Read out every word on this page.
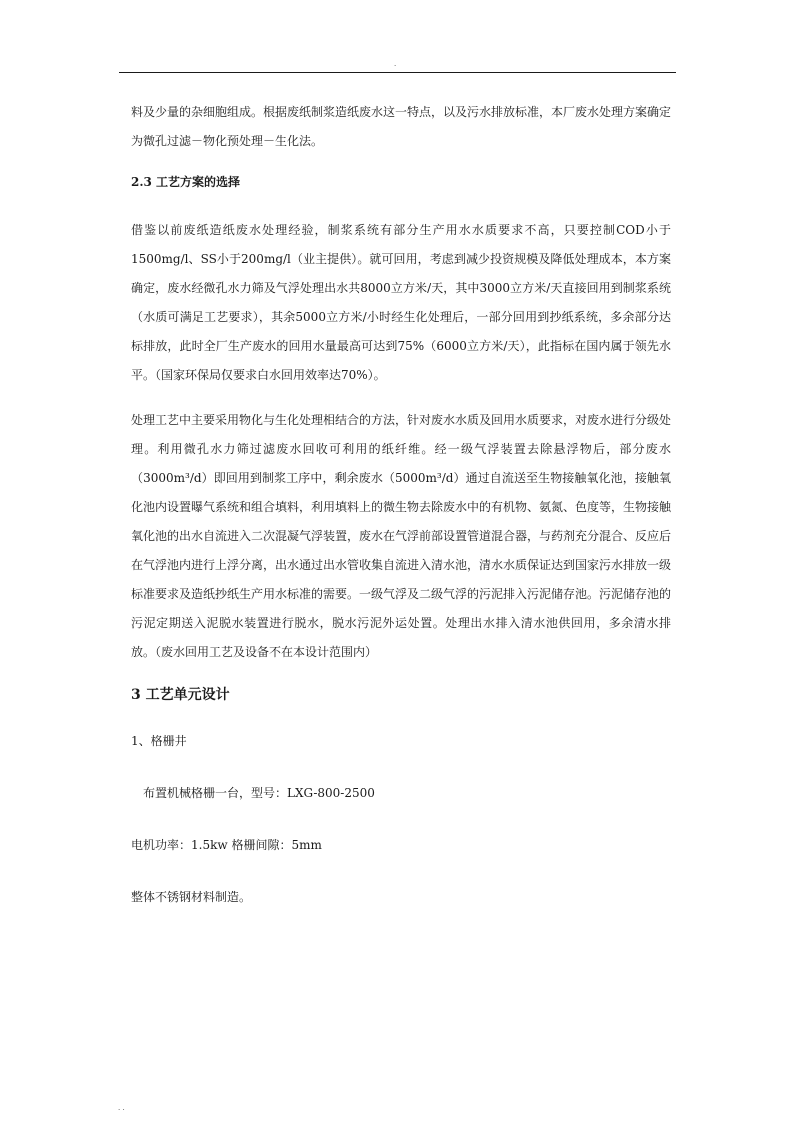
.

料及少量的杂细胞组成。根据废纸制浆造纸废水这一特点，以及污水排放标准，本厂废水处理方案确定为微孔过滤－物化预处理－生化法。

2.3 工艺方案的选择

借鉴以前废纸造纸废水处理经验，制浆系统有部分生产用水水质要求不高，只要控制COD小于1500mg/l、SS小于200mg/l（业主提供）。就可回用，考虑到减少投资规模及降低处理成本，本方案确定，废水经微孔水力筛及气浮处理出水共8000立方米/天，其中3000立方米/天直接回用到制浆系统（水质可满足工艺要求），其余5000立方米/小时经生化处理后，一部分回用到抄纸系统，多余部分达标排放，此时全厂生产废水的回用水量最高可达到75%（6000立方米/天），此指标在国内属于领先水平。（国家环保局仅要求白水回用效率达70%）。

处理工艺中主要采用物化与生化处理相结合的方法，针对废水水质及回用水质要求，对废水进行分级处理。利用微孔水力筛过滤废水回收可利用的纸纤维。经一级气浮装置去除悬浮物后，部分废水（3000m³/d）即回用到制浆工序中，剩余废水（5000m³/d）通过自流送至生物接触氧化池，接触氧化池内设置曝气系统和组合填料，利用填料上的微生物去除废水中的有机物、氨氮、色度等，生物接触氧化池的出水自流进入二次混凝气浮装置，废水在气浮前部设置管道混合器，与药剂充分混合、反应后在气浮池内进行上浮分离，出水通过出水管收集自流进入清水池，清水水质保证达到国家污水排放一级标准要求及造纸抄纸生产用水标准的需要。一级气浮及二级气浮的污泥排入污泥储存池。污泥储存池的污泥定期送入泥脱水装置进行脱水，脱水污泥外运处置。处理出水排入清水池供回用，多余清水排放。（废水回用工艺及设备不在本设计范围内）

3 工艺单元设计

1、格栅井

布置机械格栅一台，型号：LXG-800-2500

电机功率：1.5kw 格栅间隙：5mm

整体不锈钢材料制造。

. .
